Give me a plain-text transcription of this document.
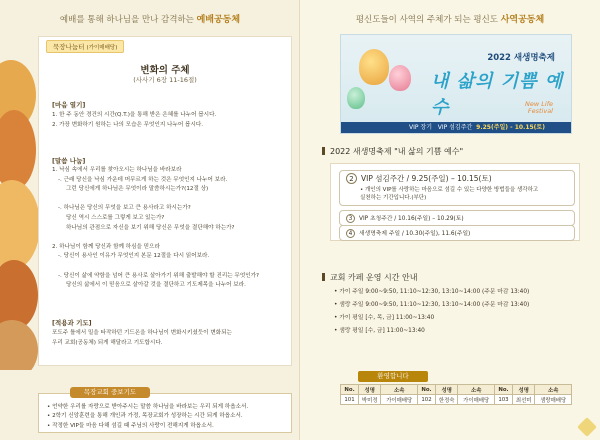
예배를 통해 하나님을 만나 감격하는 예배공동체
묵장나눔터 (가이매배당)
변화의 주체
(사사기 6장 11-16절)
[마음 열기]
1. 한 주 동안 경건의 시간(Q.T.)을 통해 받은 은혜를 나누어 봅시다.
2. 가장 변화하기 원하는 나의 모습은 무엇인지 나누어 봅시다.
[말씀 나눔]
1. 낙심 속에서 우리를 찾아오시는 하나님을 바라보라
-. 근래 당신을 낙심 가운데 머무르게 하는 것은 무엇인지 나누어 보라.
그런 당신에게 하나님은 무엇이라 말씀하시는가?(12절 상)

-. 하나님은 당신의 무엇을 보고 큰 용사라고 하시는가?
당신 역시 스스로를 그렇게 보고 있는가?
하나님의 관점으로 자신을 보기 위해 당신은 무엇을 결단해야 하는가?

2. 하나님이 함께 당신과 함께 하심을 믿으라
-. 당신이 용사인 이유가 무엇인지 본문 12절을 다시 읽어보라.

-. 당신이 삶에 약함을 넘어 큰 용사로 살아가기 위해 출발해야 할 진리는 무엇인가?
당신의 삶에서 이 믿음으로 살아갈 것을 결단하고 기도제목을 나누어 보라.
[적용과 기도]
포도주 틀에서 밀을 타작하던 기드온을 하나님이 변화시키셨듯이 변화되는
우리 교회(공동체) 되게 해달라고 기도합시다.
• 언약한 우리를 자랑으로 받아주시는 말씀 하나님을 바라보는 우리 되게 하옵소서.
• 2학기 신앙훈련을 통해 개인과 가정, 목장교회가 성장하는 시간 되게 하옵소서.
• 작정한 VIP들 마음 다해 섬길 때 주님의 사랑이 전해지게 하옵소서.
목장교회 중보기도
평신도들이 사역의 주체가 되는 평신도 사역공동체
2022 새생명축제
내 삶의 기쁨 예수	New Life
Festival
VIP 장기 VIP 섬김주간 9.25(주일) - 10.15(토)
2022 새생명축제 "내 삶의 기쁨 예수"
2 VIP 섬김주간 / 9.25(주일) – 10.15(토)
• 개인의 VIP를 사랑하는 마음으로 섬길 수 있는 다양한 방법들을 생각하고
실천하는 기간입니다.(부단)
3 VIP 초청주간 / 10.16(주일) – 10.29(토)
4 새생명축제 주일 / 10.30(주일), 11.6(주일)
교회 카페 운영 시간 안내
• 가이 주일 9:00~9:50, 11:10~12:30, 13:10~14:00 (주문 마감 13:40)
• 샘랑 주일 9:00~9:50, 11:10~12:30, 13:10~14:00 (주문 마감 13:40)
• 가이 평일 [수, 목, 금] 11:00~13:40
• 샘랑 평일 [수, 금] 11:00~13:40
환영합니다
No.	성명	소속	No.	성명	소속	No.	성명	소속
101	박미정	가이매배당	102	한정숙	가이매배당	103	최선미	샘랑매배당
